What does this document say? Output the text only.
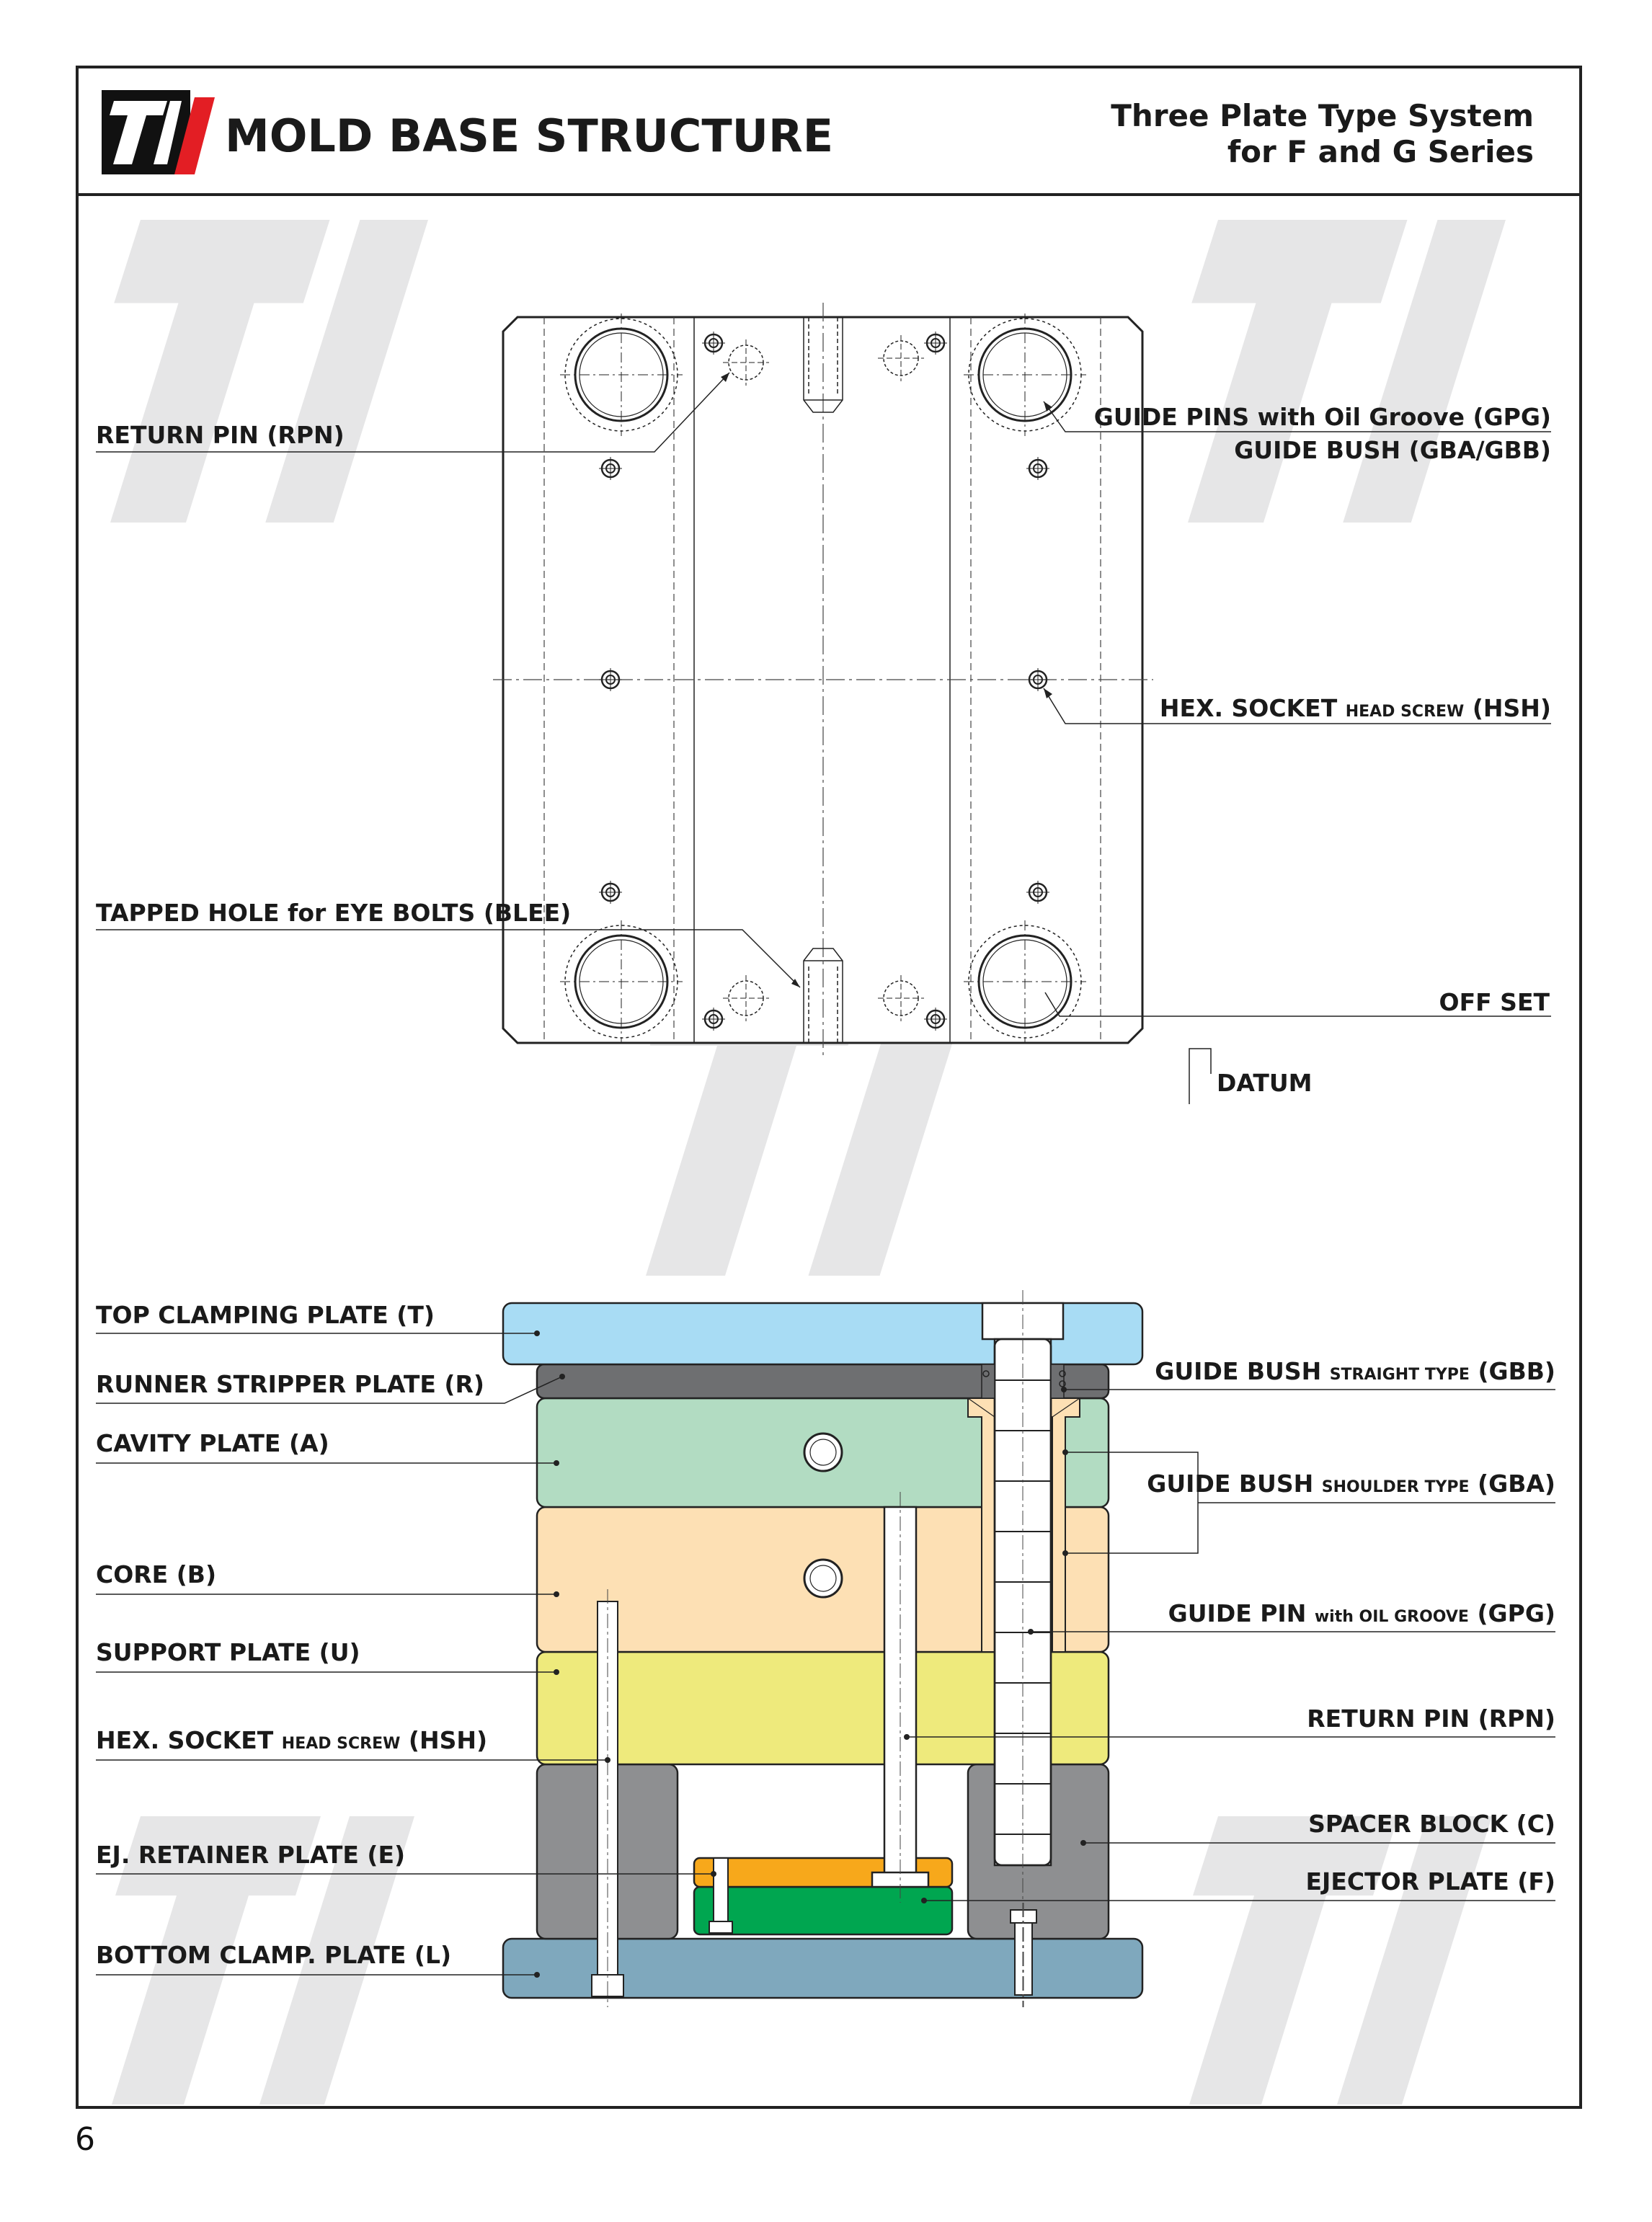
MOLD BASE STRUCTURE	Three Plate Type System
for F and G Series
RETURN PIN (RPN)
GUIDE PINS with Oil Groove (GPG)
GUIDE BUSH (GBA/GBB)
HEX. SOCKET HEAD SCREW (HSH)
TAPPED HOLE for EYE BOLTS (BLEE)
OFF SET
DATUM
TOP CLAMPING PLATE (T)
RUNNER STRIPPER PLATE (R)
CAVITY PLATE (A)
CORE (B)
SUPPORT PLATE (U)
HEX. SOCKET HEAD SCREW (HSH)
EJ. RETAINER PLATE (E)
BOTTOM CLAMP. PLATE (L)
GUIDE BUSH STRAIGHT TYPE (GBB)
GUIDE BUSH SHOULDER TYPE (GBA)
GUIDE PIN with OIL GROOVE (GPG)
RETURN PIN (RPN)
SPACER BLOCK (C)
EJECTOR PLATE (F)
6
